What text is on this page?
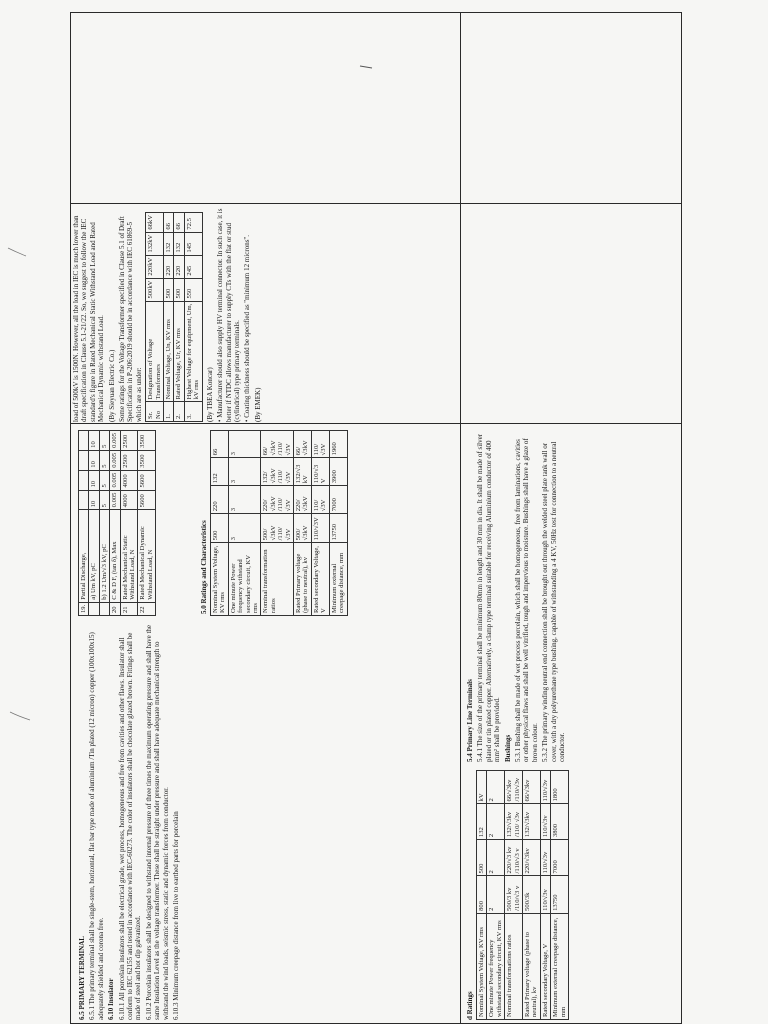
d Ratings Nominal System Voltage, KV rms	800	500	132	kV
One minute Power frequency withstand secondary circuit, KV rms	2	2	2	2
Nominal transformations ratios	500/3 kv /110/√3 v	220/√3 kv /110/√3 v	132/√3kv /110/ √3v	66/√3kv /110/√3v
Rated Primary voltage (phase to neutral), kv	500/3k	220/√3kv	132/√3kv	66/√3kv
Rated secondary Voltage, V	110/√3v	110/√3v	110/√3v	110/√3v
Minimum external creepage distance, mm	13750	7000	3800	1800

5.4 Primary Line Terminals 5.4.1 The size of the primary terminal shall be minimum 80mm in length and 30 mm in dia. It shall be made of silver plated or tin plated copper. Alternatively, a clamp type terminal suitable for receiving Aluminium conductor of 400 mm² shall be provided. Bushings 5.3.1 Bushing shall be made of wet process porcelain, which shall be homogeneous, free from laminations, cavities or other physical flaws and shall be well vitrified, tough and impervious to moisture. Bushings shall have a glaze of brown colour. 5.3.2 The primary winding neutral end connection shall be brought out through the welded steel plate tank wall or cover, with a dry polyurethane type bushing, capable of withstanding a 4 KV, 50Hz test for connection to a neutral conductor.

19.	Partial Discharge,				
	a) Um kV, pC	10	10	10	10
	b) 1.2 Um/√3 kV, pC	5	5	5	5
20	C & D F, (tan δ), Max	0.005	0.005	0.005	0.005
21	Rated Mechanical Static Withstand Load, N	4000	4000	2500	2500
22	Rated Mechanical Dynamic Withstand Load, N	5600	5600	3500	3500
5.0 Ratings and Characteristics Nominal System Voltage, KV rms	500	220	132	66
One minute Power frequency withstand secondary circuit, KV rms	3	3	3	3
Nominal transformation ratios	500/√3kV /110/√3V	220/√3kV /110/√3V	132/√3kV /110/√3V	66/√3kV /110/√3V
Rated Primary voltage (phase to neutral), kv	500/√3kV	220/√3kV	132/√3 kV	66/√3kV
Rated secondary Voltage, V	110/√3V	110/√3V	110/√3 V	110/√3V
Minimum external creepage distance, mm	13750	7000	3900	1960

6.5 PRIMARY TERMINAL 6.5.1 The primary terminal shall be single-stem, horizontal, flat bar type made of aluminium /Tin plated (12 micron) copper (100x100x15) adequately shielded and corona free. 6.10 Insulator 6.10.1 All porcelain insulators shall be electrical grade, wet process, homogeneous and free from cavities and other flaws. Insulator shall conform to IEC 62155 and tested in accordance with IEC-60273. The color of insulators shall be chocolate glazed brown. Fittings shall be made of steel and hot dip galvanized. 6.10.2 Porcelain insulators shall be designed to withstand internal pressure of three times the maximum operating pressure and shall have the same Insulation Level as the voltage transformer. These shall be straight under pressure and shall have adequate mechanical strength to withstand the wind loads, seismic stress, static and dynamic forces from conductor. 6.10.3 Minimum creepage distance from live to earthed parts for porcelain

load of 500kV is 1500N. However, all the load in IEC is much lower than draft specification in Clause 5.1-21/22. So, we suggest to follow the IEC standard's figure in Rated Mechanical Static Withstand Load and Rated Mechanical Dynamic withstand Load. (By Sieyuan Electric Co.) Some ratings for the Voltage Transformer specified in Clause 5.1 of Draft Specification in P-206:2019 should be in accordance with IEC 61869-5 which are as under: Sr. No	Designation of Voltage Transformers	500kV	220kV	132kV	66kV
1.	Nominal Voltage, Un, KV rms	500	220	132	66
2.	Rated Voltage, Ur, KV rms	500	220	132	66
3.	Highest Voltage for equipment, Um, kV rms	550	245	145	72.5

(By TBEA Koncar) • Manufacturer should also supply HV terminal connector. In such case, it is better if NTDC allows manufacturer to supply CTs with the flat or stud (cylindrical) type primary terminals. • Coating thickness should be specified as "minimum 12 microns". (By EMEK)
